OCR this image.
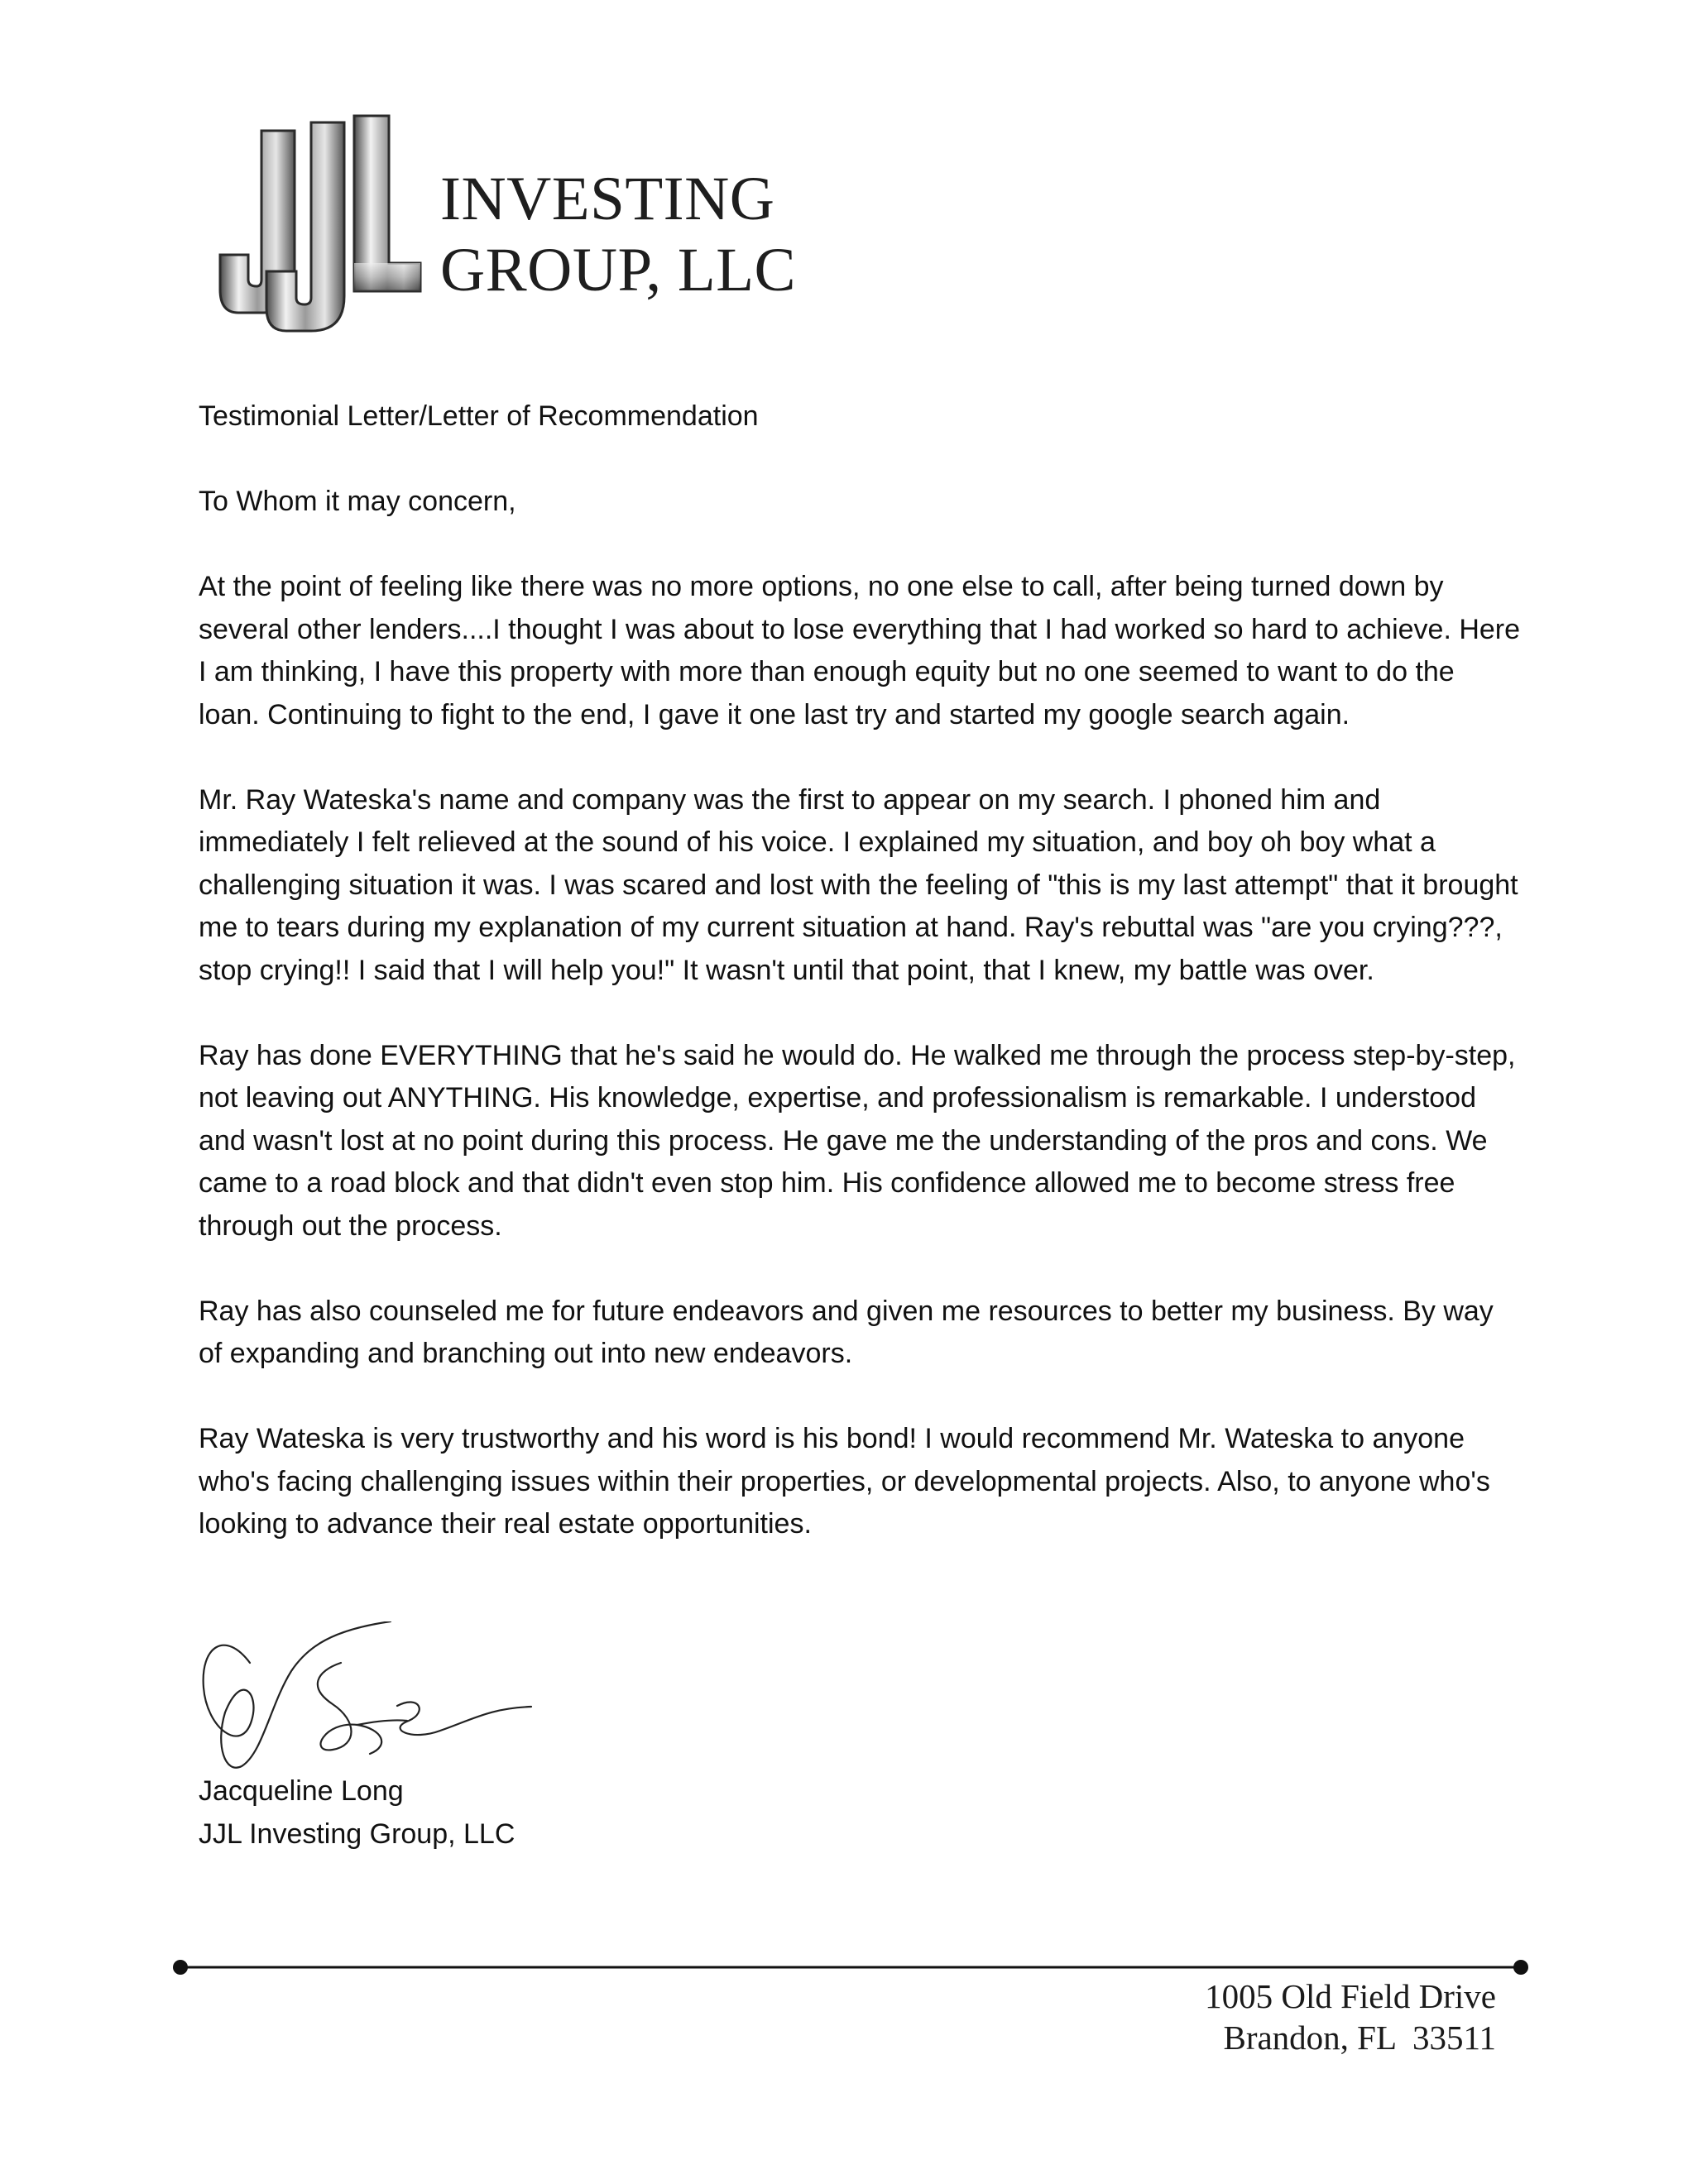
INVESTING
GROUP, LLC

Testimonial Letter/Letter of Recommendation

To Whom it may concern,

At the point of feeling like there was no more options, no one else to call, after being turned down by several other lenders....I thought I was about to lose everything that I had worked so hard to achieve. Here I am thinking, I have this property with more than enough equity but no one seemed to want to do the loan. Continuing to fight to the end, I gave it one last try and started my google search again.

Mr. Ray Wateska's name and company was the first to appear on my search. I phoned him and immediately I felt relieved at the sound of his voice. I explained my situation, and boy oh boy what a challenging situation it was. I was scared and lost with the feeling of "this is my last attempt" that it brought me to tears during my explanation of my current situation at hand. Ray's rebuttal was "are you crying???, stop crying!! I said that I will help you!" It wasn't until that point, that I knew, my battle was over.

Ray has done EVERYTHING that he's said he would do. He walked me through the process step-by-step, not leaving out ANYTHING. His knowledge, expertise, and professionalism is remarkable. I understood and wasn't lost at no point during this process. He gave me the understanding of the pros and cons. We came to a road block and that didn't even stop him. His confidence allowed me to become stress free through out the process.

Ray has also counseled me for future endeavors and given me resources to better my business. By way of expanding and branching out into new endeavors.

Ray Wateska is very trustworthy and his word is his bond! I would recommend Mr. Wateska to anyone who's facing challenging issues within their properties, or developmental projects. Also, to anyone who's looking to advance their real estate opportunities.

Jacqueline Long
JJL Investing Group, LLC
1005 Old Field Drive
Brandon, FL  33511
